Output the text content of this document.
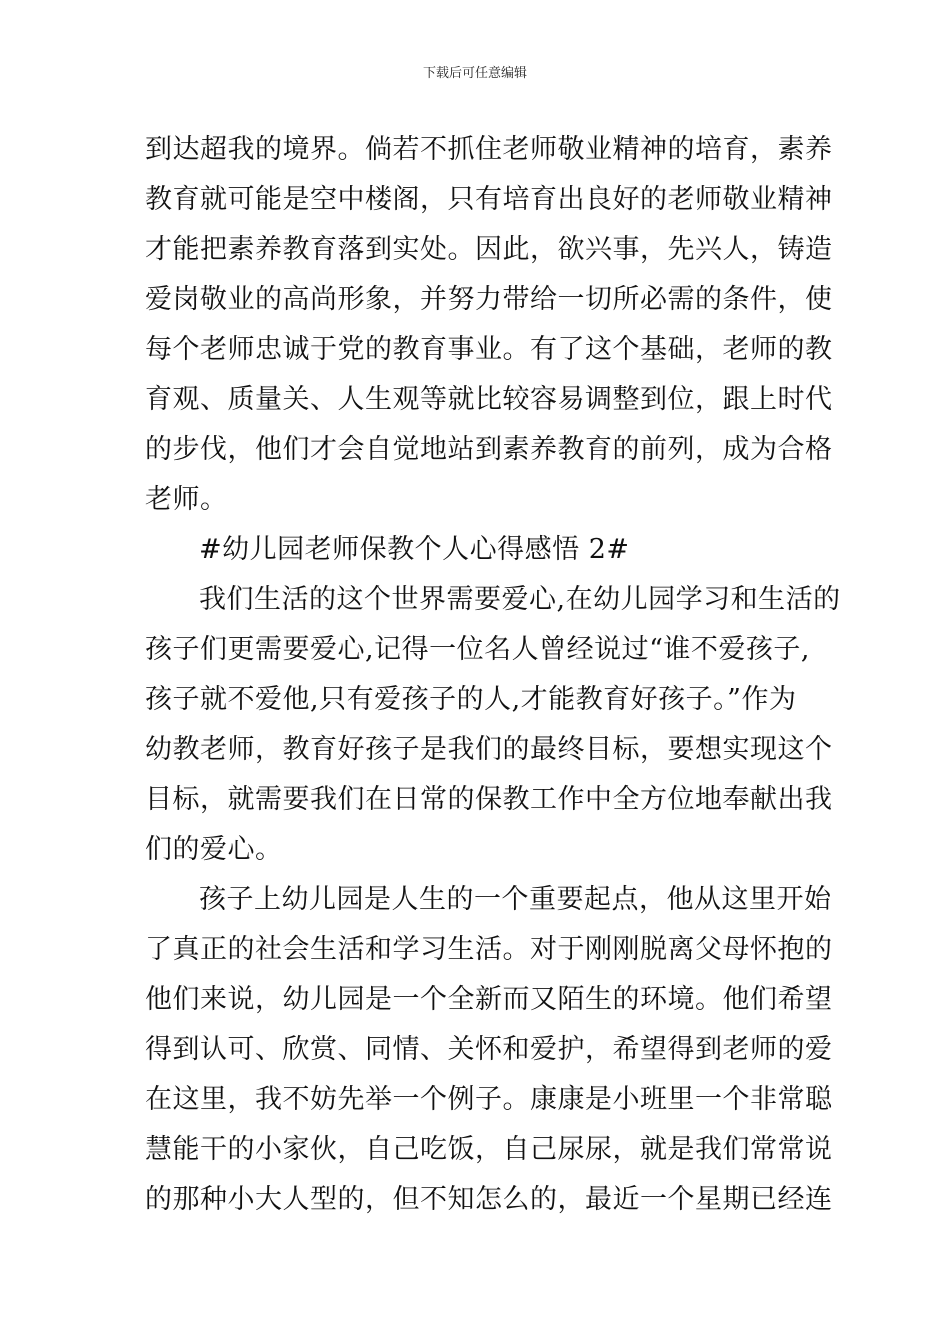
下载后可任意编辑
到达超我的境界。倘若不抓住老师敬业精神的培育，素养
教育就可能是空中楼阁，只有培育出良好的老师敬业精神
才能把素养教育落到实处。因此，欲兴事，先兴人，铸造
爱岗敬业的高尚形象，并努力带给一切所必需的条件，使
每个老师忠诚于党的教育事业。有了这个基础，老师的教
育观、质量关、人生观等就比较容易调整到位，跟上时代
的步伐，他们才会自觉地站到素养教育的前列，成为合格
老师。
#幼儿园老师保教个人心得感悟 2#
我们生活的这个世界需要爱心,在幼儿园学习和生活的
孩子们更需要爱心,记得一位名人曾经说过“谁不爱孩子,
孩子就不爱他,只有爱孩子的人,才能教育好孩子。”作为
幼教老师，教育好孩子是我们的最终目标，要想实现这个
目标，就需要我们在日常的保教工作中全方位地奉献出我
们的爱心。
孩子上幼儿园是人生的一个重要起点，他从这里开始
了真正的社会生活和学习生活。对于刚刚脱离父母怀抱的
他们来说，幼儿园是一个全新而又陌生的环境。他们希望
得到认可、欣赏、同情、关怀和爱护，希望得到老师的爱
在这里，我不妨先举一个例子。康康是小班里一个非常聪
慧能干的小家伙，自己吃饭，自己尿尿，就是我们常常说
的那种小大人型的，但不知怎么的，最近一个星期已经连
